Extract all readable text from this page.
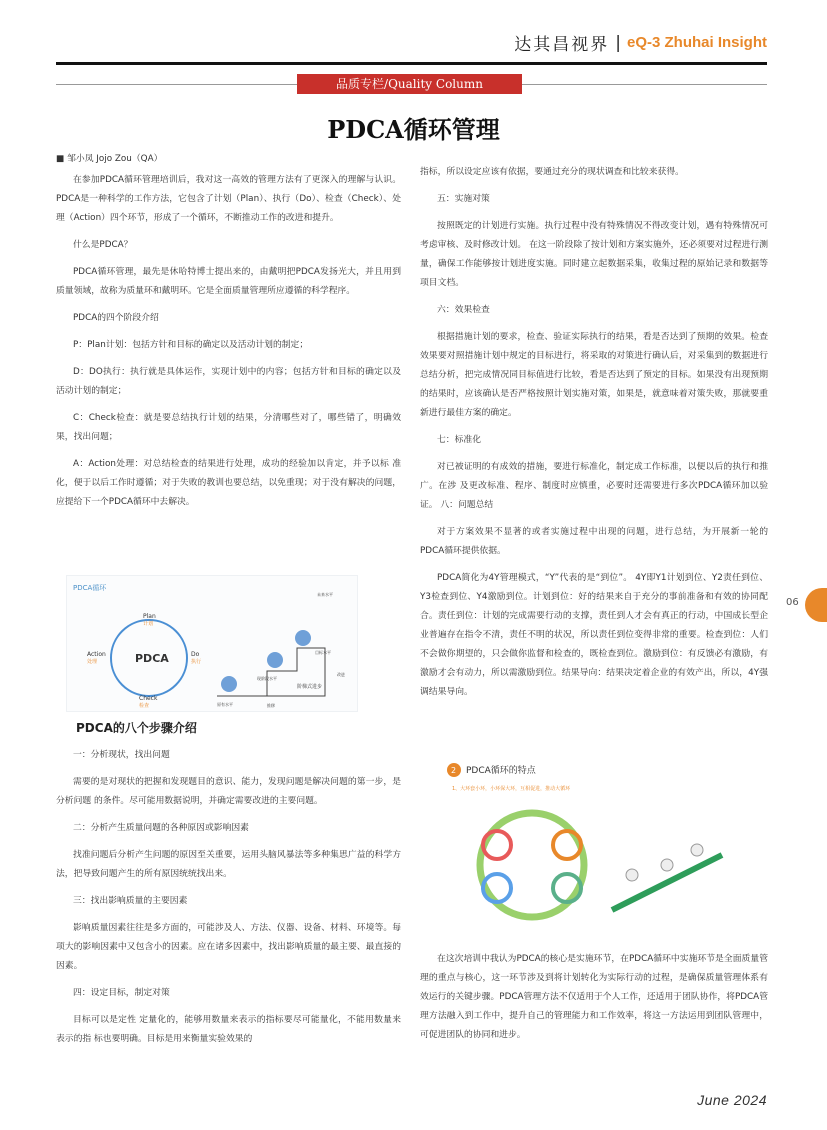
达其昌视界 | eQ-3 Zhuhai Insight
品质专栏/Quality Column
PDCA循环管理

■ 邹小凤 Jojo Zou（QA）

在参加PDCA循环管理培训后，我对这一高效的管理方法有了更深入的理解与认识。PDCA是一种科学的工作方法，它包含了计划（Plan）、执行（Do）、检查（Check）、处理（Action）四个环节，形成了一个循环，不断推动工作的改进和提升。

什么是PDCA？

PDCA循环管理，最先是休哈特博士提出来的，由戴明把PDCA发扬光大，并且用到质量领域，故称为质量环和戴明环。它是全面质量管理所应遵循的科学程序。

PDCA的四个阶段介绍

P：Plan计划：包括方针和目标的确定以及活动计划的制定；

D：DO执行：执行就是具体运作，实现计划中的内容；包括方针和目标的确定以及活动计划的制定；

C：Check检查：就是要总结执行计划的结果，分清哪些对了，哪些错了，明确效果，找出问题；

A：Action处理：对总结检查的结果进行处理，成功的经验加以肯定，并予以标 准化，便于以后工作时遵循；对于失败的教训也要总结，以免重现；对于没有解决的问题，应提给下一个PDCA循环中去解决。

PDCA循环
PDCA
Plan
计划
Do
执行
Check
检查
Action
处理
原有水平
现阶段水平
目标水平
未来水平
阶梯式进步
推移
改进

PDCA的八个步骤介绍

一：分析现状，找出问题

需要的是对现状的把握和发现题目的意识、能力，发现问题是解决问题的第一步，是分析问题 的条件。尽可能用数据说明，并确定需要改进的主要问题。

二：分析产生质量问题的各种原因或影响因素

找准问题后分析产生问题的原因至关重要，运用头脑风暴法等多种集思广益的科学方法，把导致问题产生的所有原因统统找出来。

三：找出影响质量的主要因素

影响质量因素往往是多方面的，可能涉及人、方法、仪器、设备、材料、环境等。每项大的影响因素中又包含小的因素。应在诸多因素中，找出影响质量的最主要、最直接的因素。

四：设定目标，制定对策

目标可以是定性 定量化的，能够用数量来表示的指标要尽可能量化，不能用数量来表示的指 标也要明确。目标是用来衡量实验效果的

指标，所以设定应该有依据，要通过充分的现状调查和比较来获得。

五：实施对策

按照既定的计划进行实施。执行过程中没有特殊情况不得改变计划，遇有特殊情况可考虑审核、及时修改计划。 在这一阶段除了按计划和方案实施外，还必须要对过程进行测量，确保工作能够按计划进度实施。同时建立起数据采集，收集过程的原始记录和数据等项目文档。

六：效果检查

根据措施计划的要求，检查、验证实际执行的结果，看是否达到了预期的效果。检查效果要对照措施计划中规定的目标进行，将采取的对策进行确认后，对采集到的数据进行总结分析，把完成情况同目标值进行比较，看是否达到了预定的目标。如果没有出现预期的结果时，应该确认是否严格按照计划实施对策，如果是，就意味着对策失败，那就要重新进行最佳方案的确定。

七：标准化

对已被证明的有成效的措施，要进行标准化，制定成工作标准，以便以后的执行和推广。在涉 及更改标准、程序、制度时应慎重，必要时还需要进行多次PDCA循环加以验证。 八：问题总结

对于方案效果不显著的或者实施过程中出现的问题，进行总结，为开展新一轮的PDCA循环提供依据。

PDCA简化为4Y管理模式，“Y”代表的是“到位”。 4Y即Y1计划到位、Y2责任到位、Y3检查到位、Y4激励到位。计划到位：好的结果来自于充分的事前准备和有效的协同配合。责任到位：计划的完成需要行动的支撑，责任到人才会有真正的行动，中国成长型企业普遍存在指令不清，责任不明的状况，所以责任到位变得非常的重要。检查到位：人们不会做你期望的，只会做你监督和检查的，既检查到位。激励到位：有反馈必有激励，有激励才会有动力，所以需激励到位。结果导向：结果决定着企业的有效产出，所以，4Y强调结果导向。

2 PDCA循环的特点
1、大环套小环，小环保大环，互相促进，推动大循环

在这次培训中我认为PDCA的核心是实施环节，在PDCA循环中实施环节是全面质量管理的重点与核心，这一环节涉及到将计划转化为实际行动的过程，是确保质量管理体系有效运行的关键步骤。PDCA管理方法不仅适用于个人工作，还适用于团队协作，将PDCA管理方法融入到工作中，提升自己的管理能力和工作效率，将这一方法运用到团队管理中，可促进团队的协同和进步。

06
June 2024
